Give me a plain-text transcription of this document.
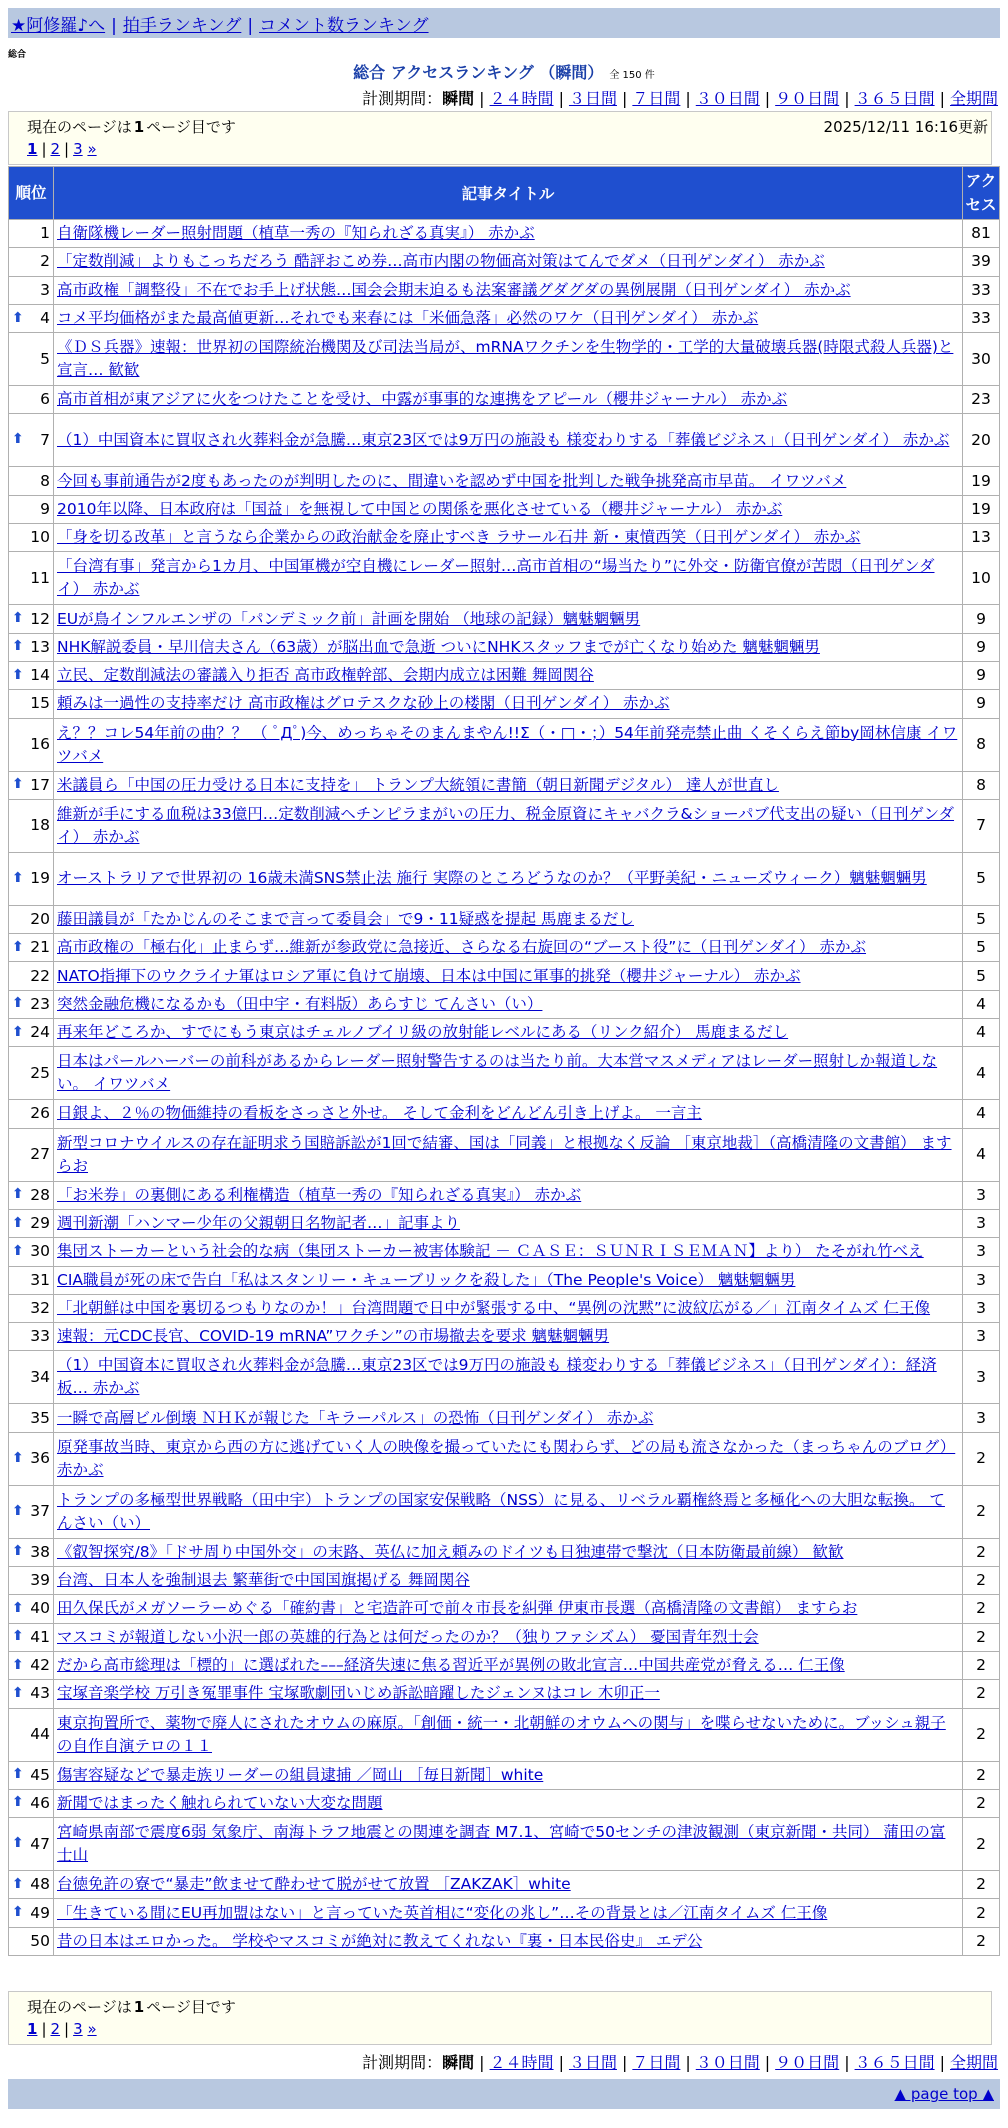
★阿修羅♪へ | 拍手ランキング | コメント数ランキング
総合
総合 アクセスランキング （瞬間） 全 150 件
計測期間：瞬間 | ２４時間 | ３日間 | ７日間 | ３０日間 | ９０日間 | ３６５日間 | 全期間
現在のページは 1 ページ目です	2025/12/11 16:16更新
1 | 2 | 3 »
順位	記事タイトル	アクセス
1	自衛隊機レーダー照射問題（植草一秀の『知られざる真実』） 赤かぶ	81
2	「定数削減」よりもこっちだろう 酷評おこめ券…高市内閣の物価高対策はてんでダメ（日刊ゲンダイ） 赤かぶ	39
3	高市政権「調整役」不在でお手上げ状態…国会会期末迫るも法案審議グダグダの異例展開（日刊ゲンダイ） 赤かぶ	33

⬆ 4	コメ平均価格がまた最高値更新…それでも来春には「米価急落」必然のワケ（日刊ゲンダイ） 赤かぶ	33
5	《ＤＳ兵器》速報：世界初の国際統治機関及び司法当局が、mRNAワクチンを生物学的・工学的大量破壊兵器(時限式殺人兵器)と宣言… 歓歓	30
6	高市首相が東アジアに火をつけたことを受け、中露が事事的な連携をアピール（櫻井ジャーナル） 赤かぶ	23

⬆ 7	（1）中国資本に買収され火葬料金が急騰…東京23区では9万円の施設も 様変わりする「葬儀ビジネス」（日刊ゲンダイ） 赤かぶ	20
8	今回も事前通告が2度もあったのが判明したのに、間違いを認めず中国を批判した戦争挑発高市早苗。 イワツバメ	19
9	2010年以降、日本政府は「国益」を無視して中国との関係を悪化させている（櫻井ジャーナル） 赤かぶ	19
10	「身を切る改革」と言うなら企業からの政治献金を廃止すべき ラサール石井 新・東憤西笑（日刊ゲンダイ） 赤かぶ	13
11	「台湾有事」発言から1カ月、中国軍機が空自機にレーダー照射…高市首相の“場当たり”に外交・防衛官僚が苦悶（日刊ゲンダイ） 赤かぶ	10

⬆ 12	EUが鳥インフルエンザの「パンデミック前」計画を開始 （地球の記録）魑魅魍魎男	9

⬆ 13	NHK解説委員・早川信夫さん（63歳）が脳出血で急逝 ついにNHKスタッフまでが亡くなり始めた 魑魅魍魎男	9

⬆ 14	立民、定数削減法の審議入り拒否 高市政権幹部、会期内成立は困難 舞岡関谷	9
15	頼みは一過性の支持率だけ 高市政権はグロテスクな砂上の楼閣（日刊ゲンダイ） 赤かぶ	9
16	え？？コレ54年前の曲？？ （ ﾟДﾟ)今、めっちゃそのまんまやん!!Σ（・□・；）54年前発売禁止曲 くそくらえ節by岡林信康 イワツバメ	8

⬆ 17	米議員ら「中国の圧力受ける日本に支持を」 トランプ大統領に書簡（朝日新聞デジタル） 達人が世直し	8
18	維新が手にする血税は33億円…定数削減ヘチンピラまがいの圧力、税金原資にキャバクラ&ショーパブ代支出の疑い（日刊ゲンダイ） 赤かぶ	7

⬆ 19	オーストラリアで世界初の 16歳未満SNS禁止法 施行 実際のところどうなのか？（平野美紀・ニューズウィーク）魑魅魍魎男	5
20	藤田議員が「たかじんのそこまで言って委員会」で9・11疑惑を提起 馬鹿まるだし	5

⬆ 21	高市政権の「極右化」止まらず…維新が参政党に急接近、さらなる右旋回の“ブースト役”に（日刊ゲンダイ） 赤かぶ	5
22	NATO指揮下のウクライナ軍はロシア軍に負けて崩壊、日本は中国に軍事的挑発（櫻井ジャーナル） 赤かぶ	5

⬆ 23	突然金融危機になるかも（田中宇・有料版）あらすじ てんさい（い）	4

⬆ 24	再来年どころか、すでにもう東京はチェルノブイリ級の放射能レベルにある（リンク紹介） 馬鹿まるだし	4
25	日本はパールハーバーの前科があるからレーダー照射警告するのは当たり前。大本営マスメディアはレーダー照射しか報道しない。 イワツバメ	4
26	日銀よ、２％の物価維持の看板をさっさと外せ。 そして金利をどんどん引き上げよ。 一言主	4
27	新型コロナウイルスの存在証明求う国賠訴訟が1回で結審、国は「同義」と根拠なく反論 ［東京地裁］（高橋清隆の文書館） ますらお	4

⬆ 28	「お米券」の裏側にある利権構造（植草一秀の『知られざる真実』） 赤かぶ	3

⬆ 29	週刊新潮「ハンマー少年の父親朝日名物記者…」記事より	3

⬆ 30	集団ストーカーという社会的な病（集団ストーカー被害体験記 － ＣＡＳＥ：ＳＵＮＲＩＳＥＭＡＮ】より） たそがれ竹べえ	3
31	CIA職員が死の床で告白「私はスタンリー・キューブリックを殺した」（The People's Voice） 魑魅魍魎男	3
32	「北朝鮮は中国を裏切るつもりなのか！」台湾問題で日中が緊張する中、“異例の沈黙”に波紋広がる／」江南タイムズ 仁王像	3
33	速報：元CDC長官、COVID-19 mRNA”ワクチン”の市場撤去を要求 魑魅魍魎男	3
34	（1）中国資本に買収され火葬料金が急騰…東京23区では9万円の施設も 様変わりする「葬儀ビジネス」（日刊ゲンダイ）：経済板… 赤かぶ	3
35	一瞬で高層ビル倒壊 ＮＨＫが報じた「キラーパルス」の恐怖（日刊ゲンダイ） 赤かぶ	3

⬆ 36	原発事故当時、東京から西の方に逃げていく人の映像を撮っていたにも関わらず、どの局も流さなかった（まっちゃんのブログ） 赤かぶ	2

⬆ 37	トランプの多極型世界戦略（田中宇）トランプの国家安保戦略（NSS）に見る、リベラル覇権終焉と多極化への大胆な転換。 てんさい（い）	2

⬆ 38	《叡智探究/8》「ドサ周り中国外交」の末路、英仏に加え頼みのドイツも日独連帯で撃沈（日本防衛最前線） 歓歓	2
39	台湾、日本人を強制退去 繁華街で中国国旗掲げる 舞岡関谷	2

⬆ 40	田久保氏がメガソーラーめぐる「確約書」と宅造許可で前々市長を糾弾 伊東市長選（高橋清隆の文書館） ますらお	2

⬆ 41	マスコミが報道しない小沢一郎の英雄的行為とは何だったのか？（独りファシズム） 憂国青年烈士会	2

⬆ 42	だから高市総理は「標的」に選ばれた–––経済失速に焦る習近平が異例の敗北宣言…中国共産党が脅える… 仁王像	2

⬆ 43	宝塚音楽学校 万引き冤罪事件 宝塚歌劇団いじめ訴訟暗躍したジェンヌはコレ 木卯正一	2
44	東京拘置所で、薬物で廃人にされたオウムの麻原。「創価・統一・北朝鮮のオウムへの関与」を喋らせないために。ブッシュ親子の自作自演テロの１１	2

⬆ 45	傷害容疑などで暴走族リーダーの組員逮捕 ／岡山 ［毎日新聞］white	2

⬆ 46	新聞ではまったく触れられていない大変な問題	2

⬆ 47	宮崎県南部で震度6弱 気象庁、南海トラフ地震との関連を調査 M7.1、宮崎で50センチの津波観測（東京新聞・共同） 蒲田の富士山	2

⬆ 48	台徳免許の寮で“暴走”飲ませて酔わせて脱がせて放置 ［ZAKZAK］white	2

⬆ 49	「生きている間にEU再加盟はない」と言っていた英首相に“変化の兆し”…その背景とは／江南タイムズ 仁王像	2
50	昔の日本はエロかった。 学校やマスコミが絶対に教えてくれない『裏・日本民俗史』 エデ公	2
現在のページは 1 ページ目です
1 | 2 | 3 »
計測期間：瞬間 | ２４時間 | ３日間 | ７日間 | ３０日間 | ９０日間 | ３６５日間 | 全期間
▲ page top ▲
